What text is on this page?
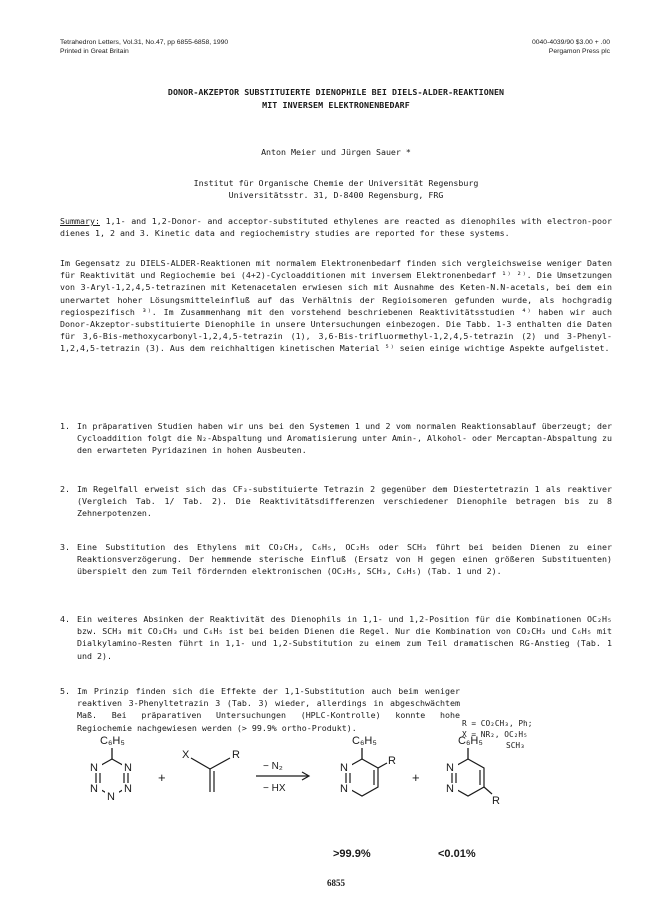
Tetrahedron Letters, Vol.31, No.47, pp 6855-6858, 1990
Printed in Great Britain
0040-4039/90 $3.00 + .00
Pergamon Press plc
DONOR-AKZEPTOR SUBSTITUIERTE DIENOPHILE BEI DIELS-ALDER-REAKTIONEN
MIT INVERSEM ELEKTRONENBEDARF
Anton Meier und Jürgen Sauer *
Institut für Organische Chemie der Universität Regensburg
Universitätsstr. 31, D-8400 Regensburg, FRG
Summary: 1,1- and 1,2-Donor- and acceptor-substituted ethylenes are reacted as dienophiles with electron-poor dienes 1, 2 and 3. Kinetic data and regiochemistry studies are reported for these systems.
Im Gegensatz zu DIELS-ALDER-Reaktionen mit normalem Elektronenbedarf finden sich vergleichsweise weniger Daten für Reaktivität und Regiochemie bei (4+2)-Cycloadditionen mit inversem Elektronenbedarf ¹⁾ ²⁾. Die Umsetzungen von 3-Aryl-1,2,4,5-tetrazinen mit Ketenacetalen erwiesen sich mit Ausnahme des Keten-N.N-acetals, bei dem ein unerwartet hoher Lösungsmitteleinfluß auf das Verhältnis der Regioisomeren gefunden wurde, als hochgradig regiospezifisch ³⁾. Im Zusammenhang mit den vorstehend beschriebenen Reaktivitätsstudien ⁴⁾ haben wir auch Donor-Akzeptor-substituierte Dienophile in unsere Untersuchungen einbezogen. Die Tabb. 1-3 enthalten die Daten für 3,6-Bis-methoxycarbonyl-1,2,4,5-tetrazin (1), 3,6-Bis-trifluormethyl-1,2,4,5-tetrazin (2) und 3-Phenyl-1,2,4,5-tetrazin (3). Aus dem reichhaltigen kinetischen Material ⁵⁾ seien einige wichtige Aspekte aufgelistet.
1. In präparativen Studien haben wir uns bei den Systemen 1 und 2 vom normalen Reaktionsablauf überzeugt; der Cycloaddition folgt die N₂-Abspaltung und Aromatisierung unter Amin-, Alkohol- oder Mercaptan-Abspaltung zu den erwarteten Pyridazinen in hohen Ausbeuten.
2. Im Regelfall erweist sich das CF₃-substituierte Tetrazin 2 gegenüber dem Diestertetrazin 1 als reaktiver (Vergleich Tab. 1/ Tab. 2). Die Reaktivitätsdifferenzen verschiedener Dienophile betragen bis zu 8 Zehnerpotenzen.
3. Eine Substitution des Ethylens mit CO₂CH₃, C₆H₅, OC₂H₅ oder SCH₃ führt bei beiden Dienen zu einer Reaktionsverzögerung. Der hemmende sterische Einfluß (Ersatz von H gegen einen größeren Substituenten) überspielt den zum Teil fördernden elektronischen (OC₂H₅, SCH₃, C₆H₅) (Tab. 1 und 2).
4. Ein weiteres Absinken der Reaktivität des Dienophils in 1,1- und 1,2-Position für die Kombinationen OC₂H₅ bzw. SCH₃ mit CO₂CH₃ und C₆H₅ ist bei beiden Dienen die Regel. Nur die Kombination von CO₂CH₃ und C₆H₅ mit Dialkylamino-Resten führt in 1,1- und 1,2-Substitution zu einem zum Teil dramatischen RG-Anstieg (Tab. 1 und 2).
5. Im Prinzip finden sich die Effekte der 1,1-Substitution auch beim weniger reaktiven 3-Phenyltetrazin 3 (Tab. 3) wieder, allerdings in abgeschwächtem Maß. Bei präparativen Untersuchungen (HPLC-Kontrolle) konnte hohe Regiochemie nachgewiesen werden (> 99.9% ortho-Produkt).	R = CO₂CH₃, Ph;
X = NR₂, OC₂H₅
SCH₃
C₆H₅
N N
N N
N
+
X	R
− N₂
− HX
C₆H₅
R
N
N
+
C₆H₅
R
N
N
>99.9%	<0.01%
6855
